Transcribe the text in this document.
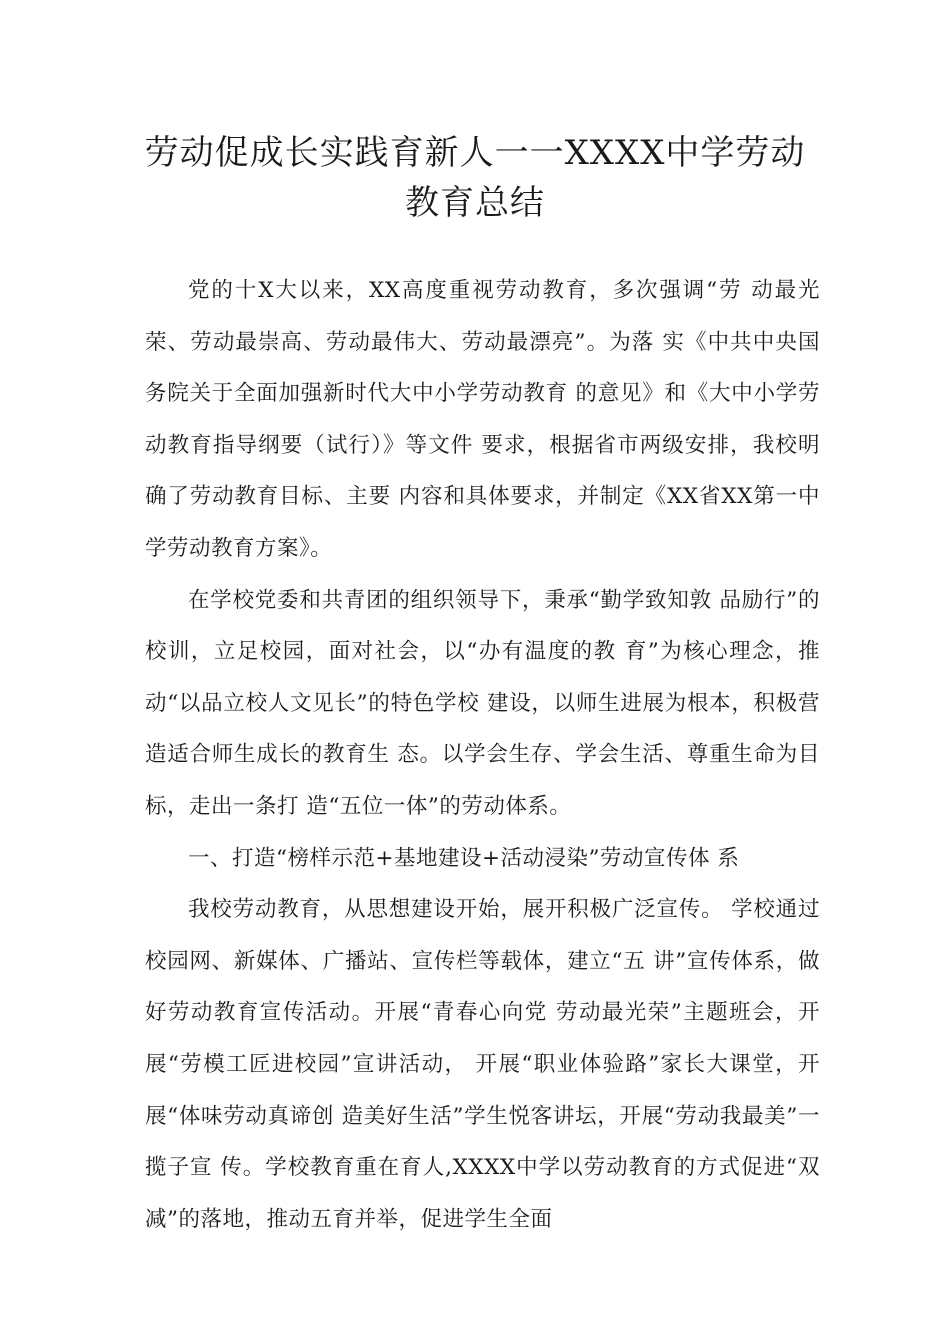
劳动促成长实践育新人一一XXXX中学劳动
教育总结

党的十X大以来，XX高度重视劳动教育，多次强调“劳 动最光荣、劳动最崇高、劳动最伟大、劳动最漂亮”。为落 实《中共中央国务院关于全面加强新时代大中小学劳动教育 的意见》和《大中小学劳动教育指导纲要（试行）》等文件 要求，根据省市两级安排，我校明确了劳动教育目标、主要 内容和具体要求，并制定《XX省XX第一中学劳动教育方案》。

在学校党委和共青团的组织领导下，秉承“勤学致知敦 品励行”的校训，立足校园，面对社会，以“办有温度的教 育”为核心理念，推动“以品立校人文见长”的特色学校 建设，以师生进展为根本，积极营造适合师生成长的教育生 态。以学会生存、学会生活、尊重生命为目标，走出一条打 造“五位一体”的劳动体系。

一、打造“榜样示范+基地建设+活动浸染”劳动宣传体 系

我校劳动教育，从思想建设开始，展开积极广泛宣传。 学校通过校园网、新媒体、广播站、宣传栏等载体，建立“五 讲”宣传体系，做好劳动教育宣传活动。开展“青春心向党 劳动最光荣”主题班会，开展“劳模工匠进校园”宣讲活动， 开展“职业体验路”家长大课堂，开展“体味劳动真谛创 造美好生活”学生悦客讲坛，开展“劳动我最美”一揽子宣 传。学校教育重在育人,XXXX中学以劳动教育的方式促进“双 减”的落地，推动五育并举，促进学生全面
